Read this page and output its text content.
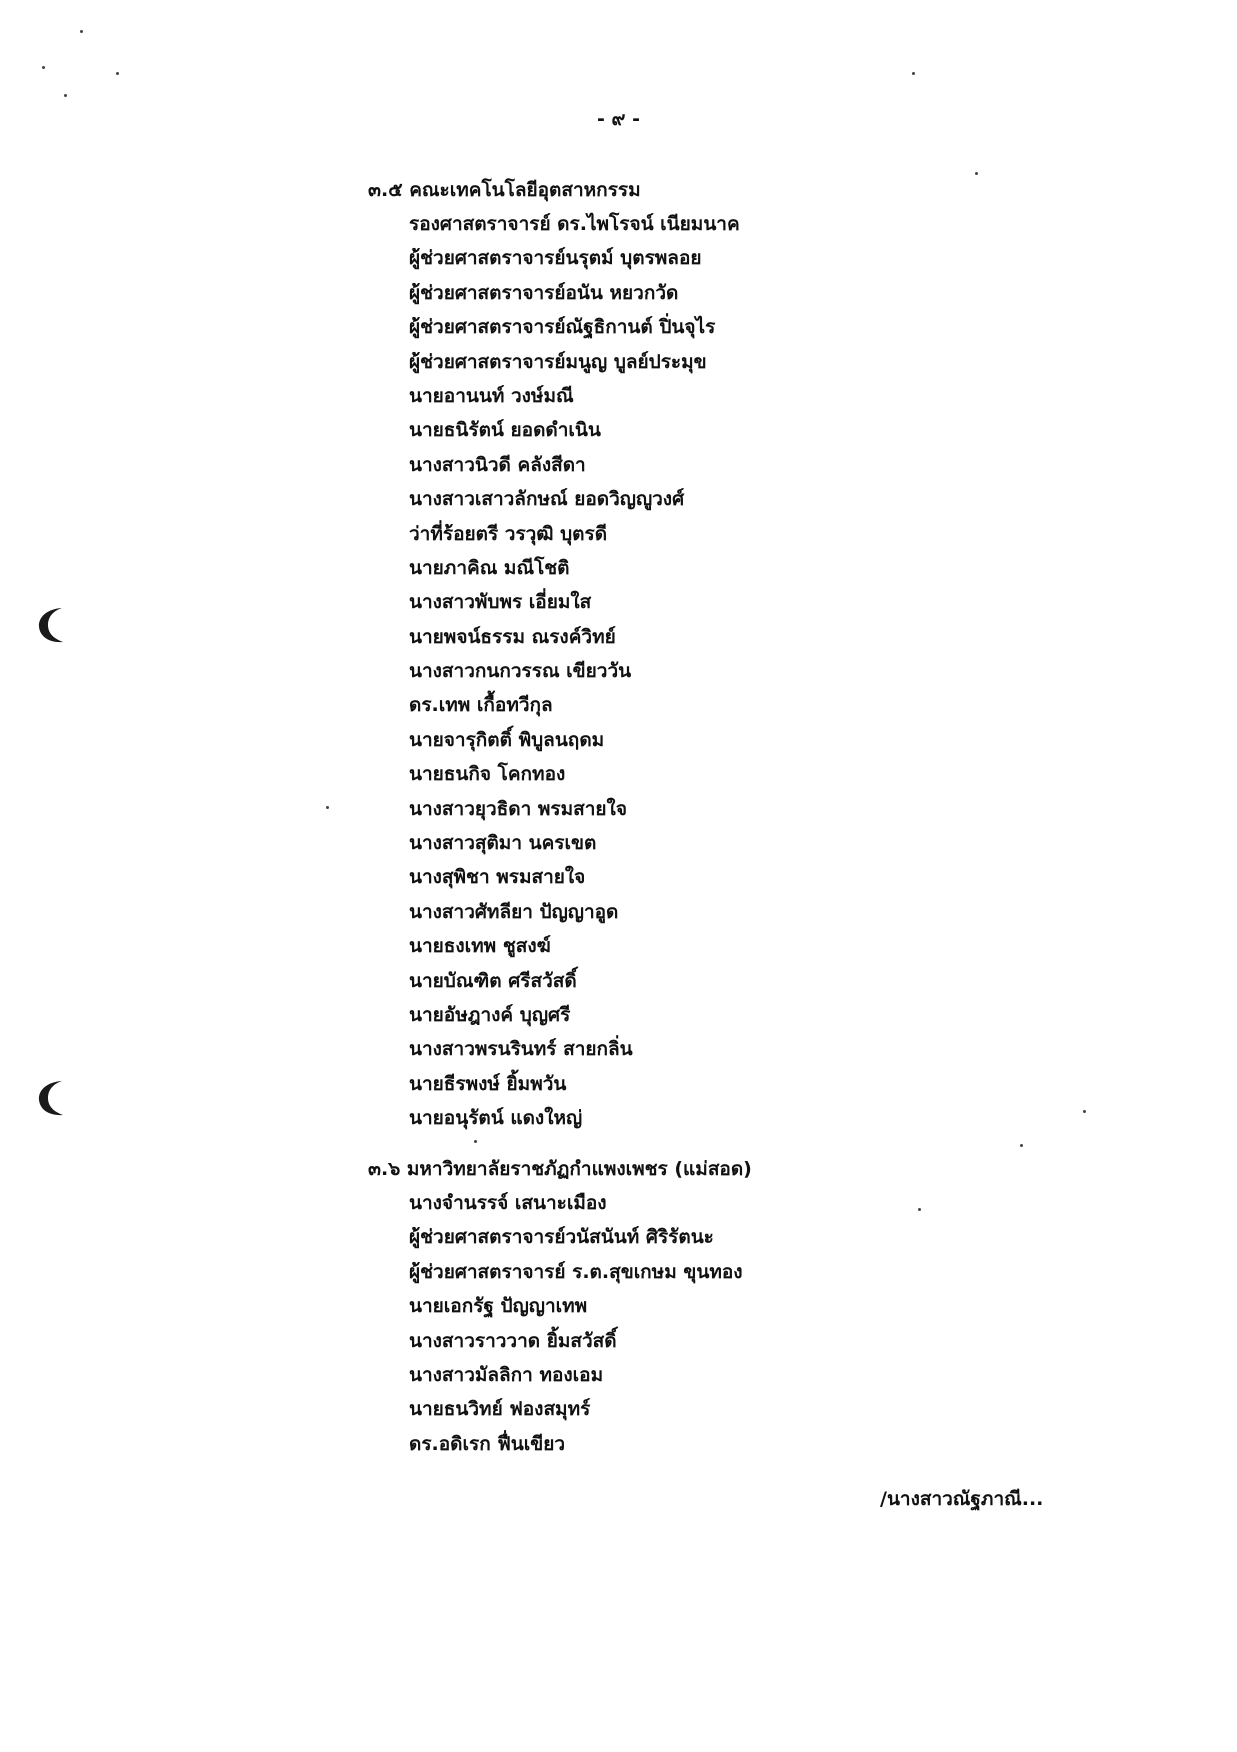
- ๙ -
๓.๕ คณะเทคโนโลยีอุตสาหกรรม
รองศาสตราจารย์ ดร.ไพโรจน์ เนียมนาค
ผู้ช่วยศาสตราจารย์นรุตม์ บุตรพลอย
ผู้ช่วยศาสตราจารย์อนัน หยวกวัด
ผู้ช่วยศาสตราจารย์ณัฐธิกานต์ ปิ่นจุไร
ผู้ช่วยศาสตราจารย์มนูญ บูลย์ประมุข
นายอานนท์ วงษ์มณี
นายธนิรัตน์ ยอดดำเนิน
นางสาวนิวดี คลังสีดา
นางสาวเสาวลักษณ์ ยอดวิญญูวงศ์
ว่าที่ร้อยตรี วรวุฒิ บุตรดี
นายภาคิณ มณีโชติ
นางสาวพับพร เอี่ยมใส
นายพจน์ธรรม ณรงค์วิทย์
นางสาวกนกวรรณ เขียววัน
ดร.เทพ เกื้อทวีกุล
นายจารุกิตติ์ พิบูลนฤดม
นายธนกิจ โคกทอง
นางสาวยุวธิดา พรมสายใจ
นางสาวสุติมา นครเขต
นางสุพิชา พรมสายใจ
นางสาวศัทลียา ปัญญาอูด
นายธงเทพ ชูสงฆ์
นายบัณฑิต ศรีสวัสดิ์
นายอัษฎางค์ บุญศรี
นางสาวพรนรินทร์ สายกลิ่น
นายธีรพงษ์ ยิ้มพวัน
นายอนุรัตน์ แดงใหญ่
๓.๖ มหาวิทยาลัยราชภัฏกำแพงเพชร (แม่สอด)
นางจำนรรจ์ เสนาะเมือง
ผู้ช่วยศาสตราจารย์วนัสนันท์ ศิริรัตนะ
ผู้ช่วยศาสตราจารย์ ร.ต.สุขเกษม ขุนทอง
นายเอกรัฐ ปัญญาเทพ
นางสาวราววาด ยิ้มสวัสดิ์
นางสาวมัลลิกา ทองเอม
นายธนวิทย์ ฟองสมุทร์
ดร.อดิเรก ฟื่นเขียว
/นางสาวณัฐภาณี...
